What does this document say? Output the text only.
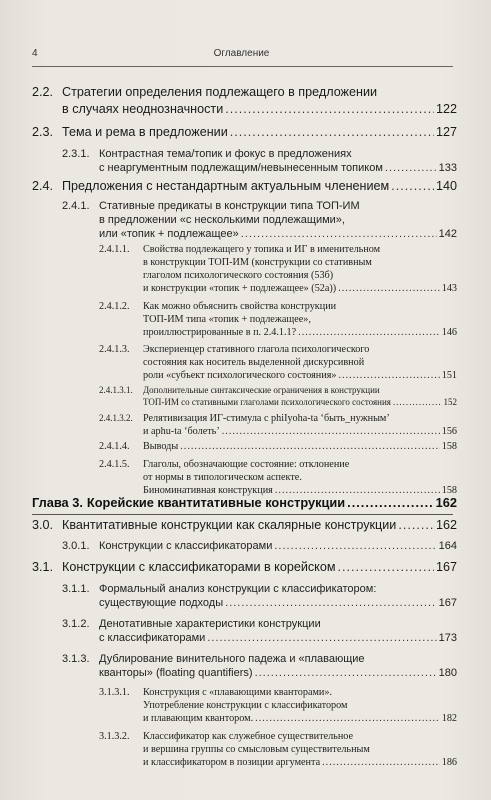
4	Оглавление
2.2. Стратегии определения подлежащего в предложении
в случаях неоднозначности .....	122
2.3. Тема и рема в предложении .....	127
2.3.1. Контрастная тема/топик и фокус в предложениях
с неаргументным подлежащим/невынесенным топиком .....	133
2.4. Предложения с нестандартным актуальным членением .....	140
2.4.1. Стативные предикаты в конструкции типа ТОП-ИМ
в предложении «с несколькими подлежащими»,
или «топик + подлежащее» .....	142
2.4.1.1. Свойства подлежащего у топика и ИГ в именительном
в конструкции ТОП-ИМ (конструкции со стативным
глаголом психологического состояния (53б)
и конструкции «топик + подлежащее» (52а)) .....	143
2.4.1.2. Как можно объяснить свойства конструкции
ТОП-ИМ типа «топик + подлежащее»,
проиллюстрированные в п. 2.4.1.1? .....	146
2.4.1.3. Экспериенцер стативного глагола психологического
состояния как носитель выделенной дискурсивной
роли «субъект психологического состояния» .....	151
2.4.1.3.1. Дополнительные синтаксические ограничения в конструкции
ТОП-ИМ со стативными глаголами психологического состояния .....	152
2.4.1.3.2. Релятивизация ИГ-стимула с phiIyoha-ta ‘быть_нужным’
и aphu-ta ‘болеть’ .....	156
2.4.1.4. Выводы .....	158
2.4.1.5. Глаголы, обозначающие состояние: отклонение
от нормы в типологическом аспекте.
Биноминативная конструкция .....	158
Глава 3. Корейские квантитативные конструкции .....	162
3.0. Квантитативные конструкции как скалярные конструкции .....	162
3.0.1. Конструкции с классификаторами .....	164
3.1. Конструкции с классификаторами в корейском .....	167
3.1.1. Формальный анализ конструкции с классификатором:
существующие подходы .....	167
3.1.2. Денотативные характеристики конструкции
с классификаторами .....	173
3.1.3. Дублирование винительного падежа и «плавающие
кванторы» (floating quantifiers) .....	180
3.1.3.1. Конструкция с «плавающими кванторами».
Употребление конструкции с классификатором
и плавающим квантором. .....	182
3.1.3.2. Классификатор как служебное существительное
и вершина группы со смысловым существительным
и классификатором в позиции аргумента .....	186
